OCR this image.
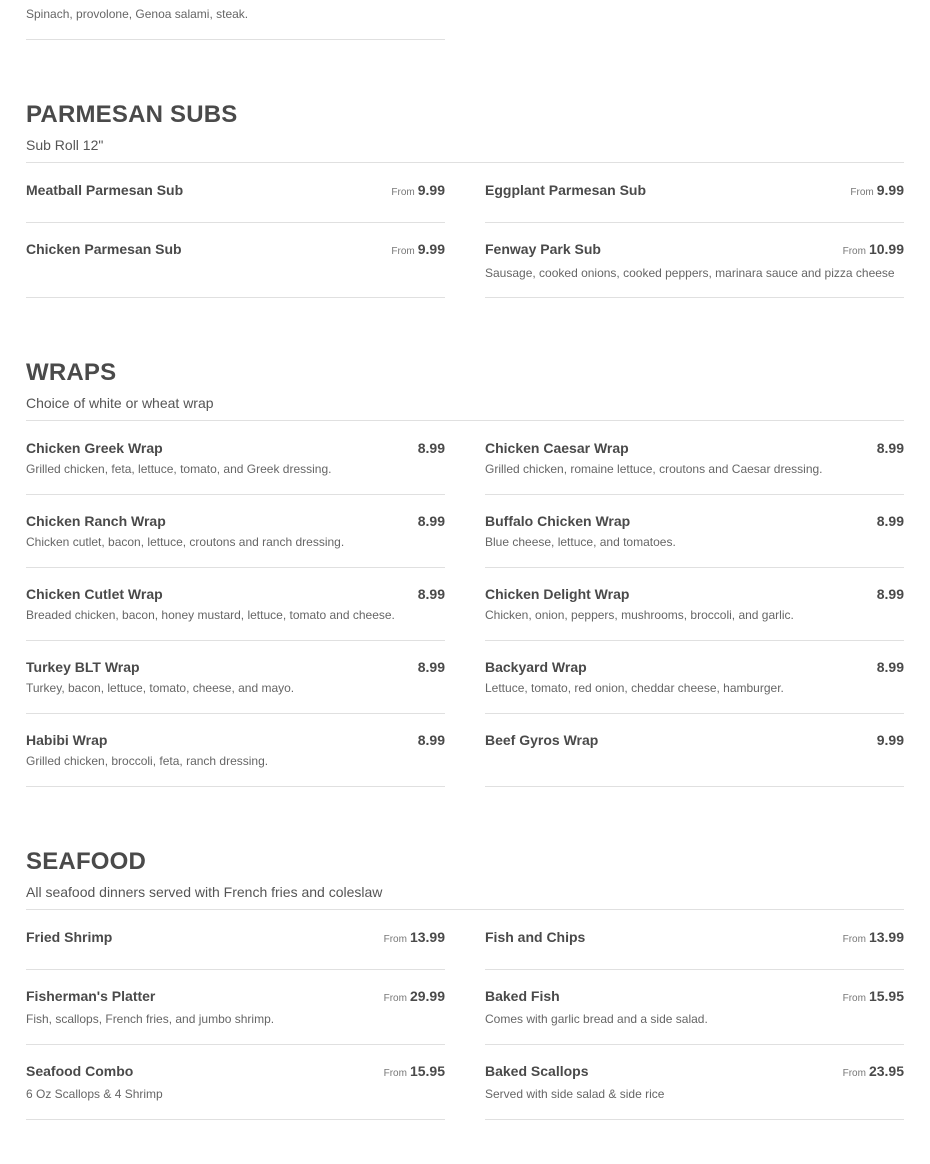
Spinach, provolone, Genoa salami, steak.
PARMESAN SUBS
Sub Roll 12"
Meatball Parmesan Sub	From 9.99	Eggplant Parmesan Sub	From 9.99
Chicken Parmesan Sub	From 9.99	Fenway Park Sub	From 10.99
Sausage, cooked onions, cooked peppers, marinara sauce and pizza cheese
WRAPS
Choice of white or wheat wrap
Chicken Greek Wrap	8.99
Grilled chicken, feta, lettuce, tomato, and Greek dressing.
Chicken Caesar Wrap	8.99
Grilled chicken, romaine lettuce, croutons and Caesar dressing.
Chicken Ranch Wrap	8.99
Chicken cutlet, bacon, lettuce, croutons and ranch dressing.
Buffalo Chicken Wrap	8.99
Blue cheese, lettuce, and tomatoes.
Chicken Cutlet Wrap	8.99
Breaded chicken, bacon, honey mustard, lettuce, tomato and cheese.
Chicken Delight Wrap	8.99
Chicken, onion, peppers, mushrooms, broccoli, and garlic.
Turkey BLT Wrap	8.99
Turkey, bacon, lettuce, tomato, cheese, and mayo.
Backyard Wrap	8.99
Lettuce, tomato, red onion, cheddar cheese, hamburger.
Habibi Wrap	8.99
Grilled chicken, broccoli, feta, ranch dressing.
Beef Gyros Wrap	9.99
SEAFOOD
All seafood dinners served with French fries and coleslaw
Fried Shrimp	From 13.99	Fish and Chips	From 13.99
Fisherman's Platter	From 29.99
Fish, scallops, French fries, and jumbo shrimp.
Baked Fish	From 15.95
Comes with garlic bread and a side salad.
Seafood Combo	From 15.95
6 Oz Scallops & 4 Shrimp
Baked Scallops	From 23.95
Served with side salad & side rice
